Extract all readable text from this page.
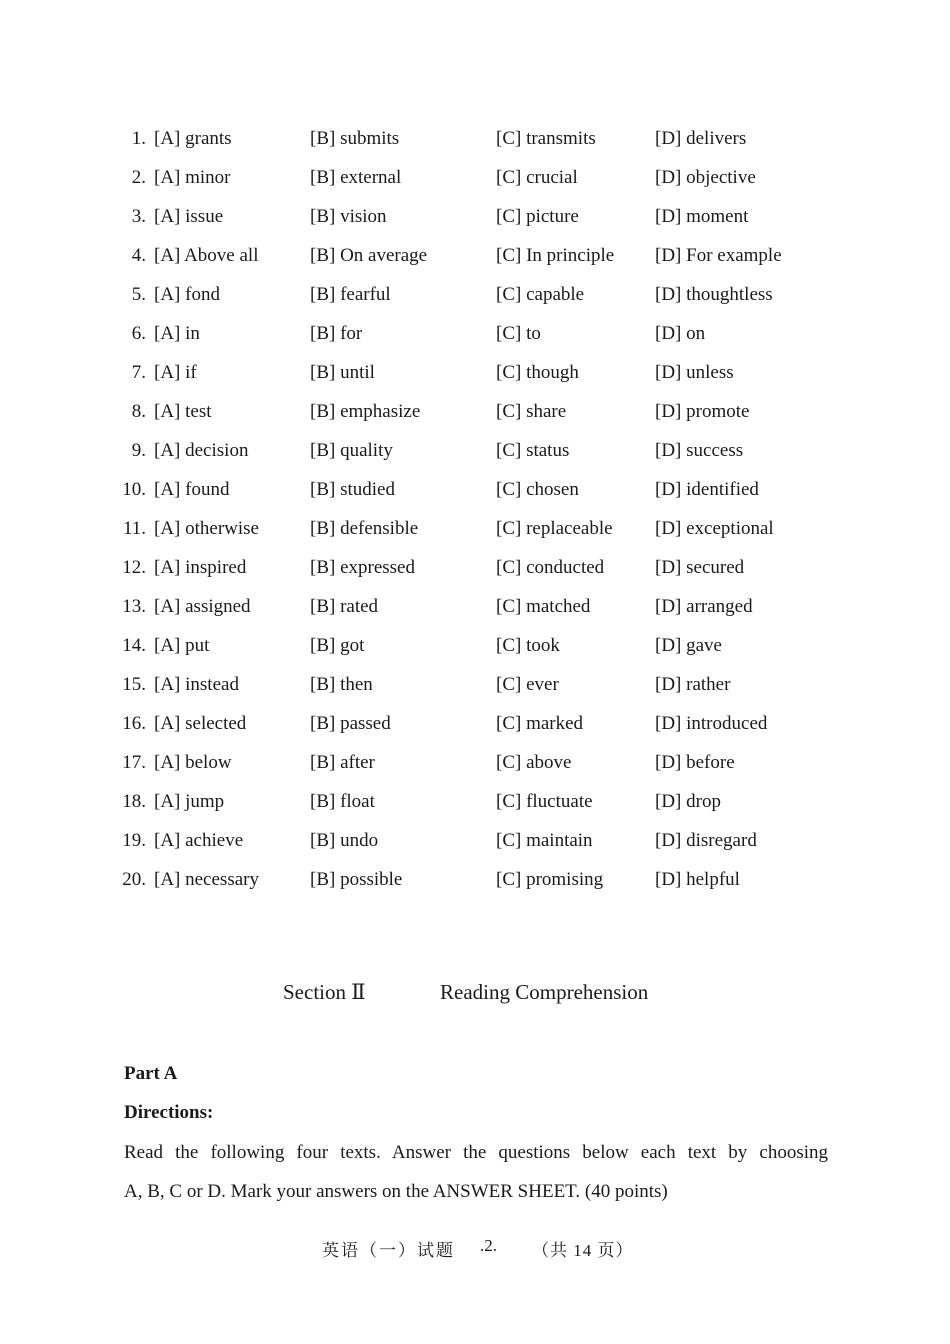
1. [A] grants	[B] submits	[C] transmits	[D] delivers
2. [A] minor	[B] external	[C] crucial	[D] objective
3. [A] issue	[B] vision	[C] picture	[D] moment
4. [A] Above all	[B] On average	[C] In principle [D] For example
5. [A] fond	[B] fearful	[C] capable	[D] thoughtless
6. [A] in	[B] for	[C] to	[D] on
7. [A] if	[B] until	[C] though	[D] unless
8. [A] test	[B] emphasize	[C] share	[D] promote
9. [A] decision	[B] quality	[C] status	[D] success
10. [A] found	[B] studied	[C] chosen	[D] identified
11. [A] otherwise	[B] defensible	[C] replaceable [D] exceptional
12. [A] inspired	[B] expressed	[C] conducted	[D] secured
13. [A] assigned	[B] rated	[C] matched	[D] arranged
14. [A] put	[B] got	[C] took	[D] gave
15. [A] instead	[B] then	[C] ever	[D] rather
16. [A] selected	[B] passed	[C] marked	[D] introduced
17. [A] below	[B] after	[C] above	[D] before
18. [A] jump	[B] float	[C] fluctuate	[D] drop
19. [A] achieve	[B] undo	[C] maintain	[D] disregard
20. [A] necessary	[B] possible	[C] promising	[D] helpful
Section Ⅱ	Reading Comprehension
Part A
Directions:
Read the following four texts. Answer the questions below each text by choosing
A, B, C or D. Mark your answers on the ANSWER SHEET. (40 points)
英语（一）试题 .2. （共 14 页）
